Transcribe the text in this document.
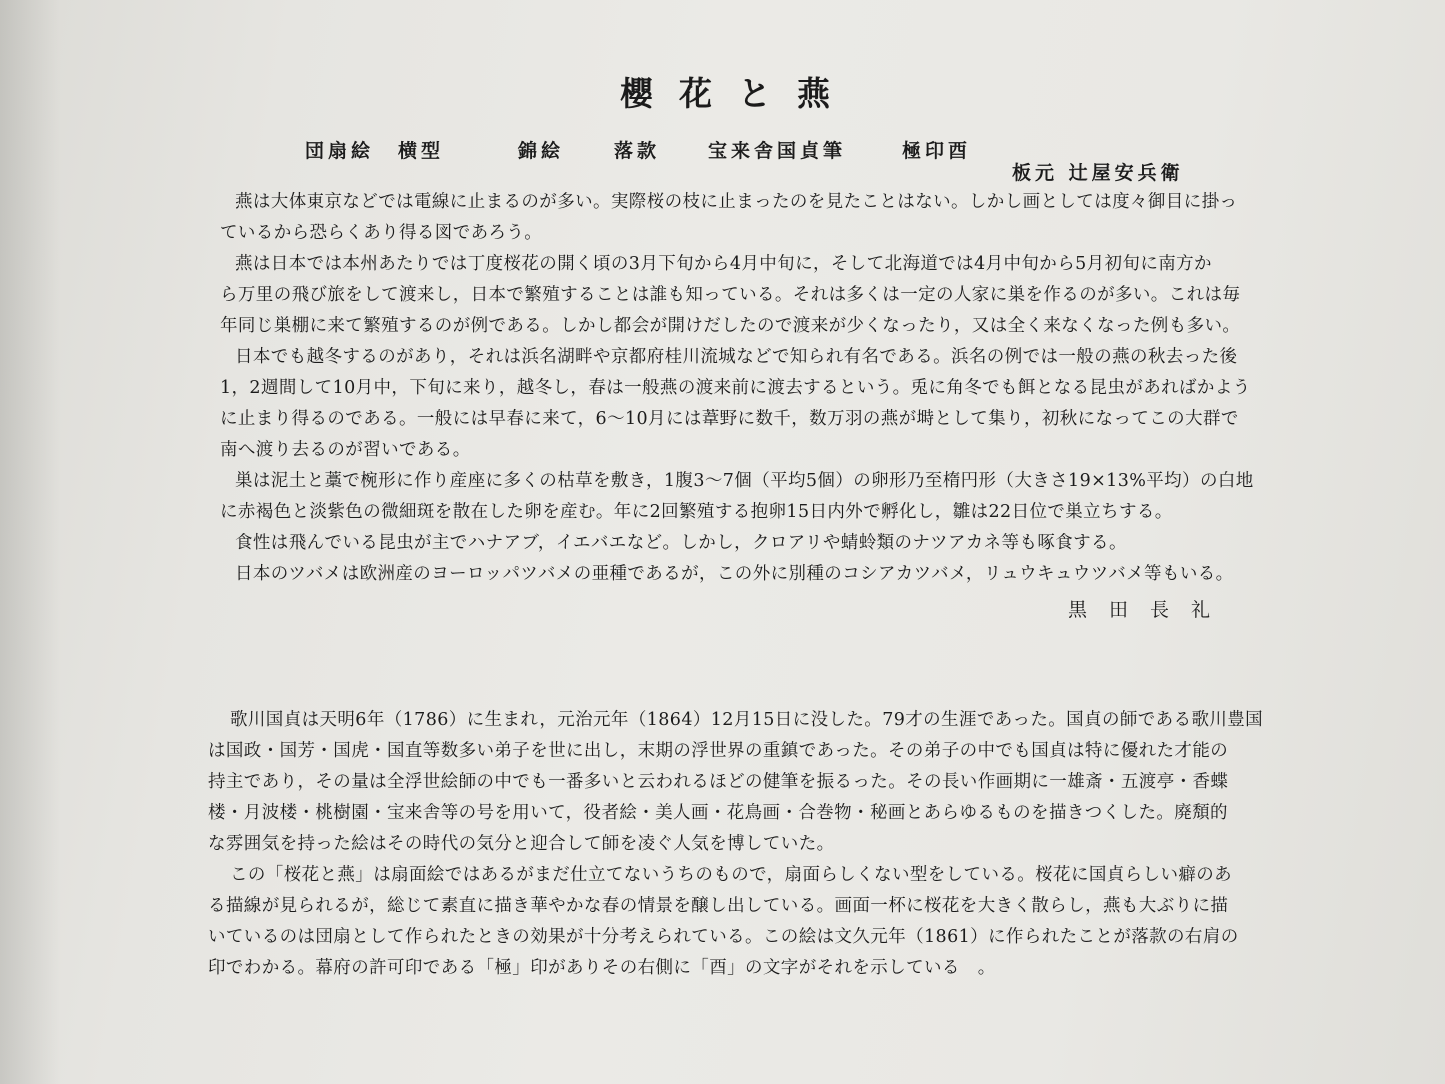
櫻花と燕
団扇絵 横型	錦絵	落款	宝来舎国貞筆	極印酉
板元 辻屋安兵衛
燕は大体東京などでは電線に止まるのが多い。実際桜の枝に止まったのを見たことはない。しかし画としては度々御目に掛っ
ているから恐らくあり得る図であろう。
燕は日本では本州あたりでは丁度桜花の開く頃の3月下旬から4月中旬に，そして北海道では4月中旬から5月初旬に南方か
ら万里の飛び旅をして渡来し，日本で繁殖することは誰も知っている。それは多くは一定の人家に巣を作るのが多い。これは毎
年同じ巣棚に来て繁殖するのが例である。しかし都会が開けだしたので渡来が少くなったり，又は全く来なくなった例も多い。
日本でも越冬するのがあり，それは浜名湖畔や京都府桂川流城などで知られ有名である。浜名の例では一般の燕の秋去った後
1，2週間して10月中，下旬に来り，越冬し，春は一般燕の渡来前に渡去するという。兎に角冬でも餌となる昆虫があればかよう
に止まり得るのである。一般には早春に来て，6～10月には葦野に数千，数万羽の燕が塒として集り，初秋になってこの大群で
南へ渡り去るのが習いである。
巣は泥土と藁で椀形に作り産座に多くの枯草を敷き，1腹3～7個（平均5個）の卵形乃至楕円形（大きさ19×13%平均）の白地
に赤褐色と淡紫色の微細斑を散在した卵を産む。年に2回繁殖する抱卵15日内外で孵化し，雛は22日位で巣立ちする。
食性は飛んでいる昆虫が主でハナアブ，イエバエなど。しかし，クロアリや蜻蛉類のナツアカネ等も啄食する。
日本のツバメは欧洲産のヨーロッパツバメの亜種であるが，この外に別種のコシアカツバメ，リュウキュウツバメ等もいる。
黒田長礼
歌川国貞は天明6年（1786）に生まれ，元治元年（1864）12月15日に没した。79才の生涯であった。国貞の師である歌川豊国
は国政・国芳・国虎・国直等数多い弟子を世に出し，末期の浮世界の重鎮であった。その弟子の中でも国貞は特に優れた才能の
持主であり，その量は全浮世絵師の中でも一番多いと云われるほどの健筆を振るった。その長い作画期に一雄斎・五渡亭・香蝶
楼・月波楼・桃樹園・宝来舎等の号を用いて，役者絵・美人画・花鳥画・合巻物・秘画とあらゆるものを描きつくした。廃頽的
な雰囲気を持った絵はその時代の気分と迎合して師を凌ぐ人気を博していた。
この「桜花と燕」は扇面絵ではあるがまだ仕立てないうちのもので，扇面らしくない型をしている。桜花に国貞らしい癖のあ
る描線が見られるが，総じて素直に描き華やかな春の情景を醸し出している。画面一杯に桜花を大きく散らし，燕も大ぶりに描
いているのは団扇として作られたときの効果が十分考えられている。この絵は文久元年（1861）に作られたことが落款の右肩の
印でわかる。幕府の許可印である「極」印がありその右側に「酉」の文字がそれを示している　。
